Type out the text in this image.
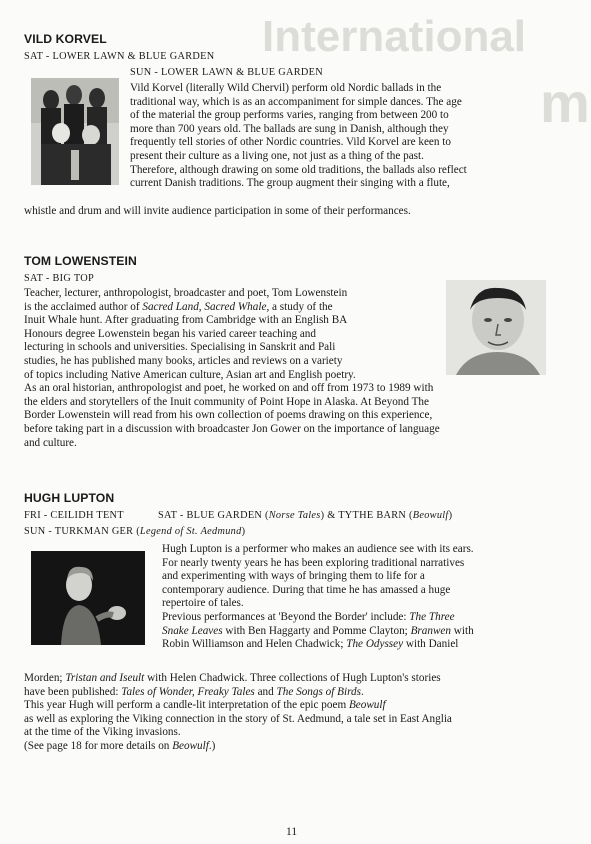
International
m
VILD KORVEL
SAT - LOWER LAWN & BLUE GARDEN
SUN - LOWER LAWN & BLUE GARDEN

Vild Korvel (literally Wild Chervil) perform old Nordic ballads in the

traditional way, which is as an accompaniment for simple dances. The age

of the material the group performs varies, ranging from between 200 to

more than 700 years old. The ballads are sung in Danish, although they

frequently tell stories of other Nordic countries. Vild Korvel are keen to

present their culture as a living one, not just as a thing of the past.

Therefore, although drawing on some old traditions, the ballads also reflect

current Danish traditions. The group augment their singing with a flute,

whistle and drum and will invite audience participation in some of their performances.
TOM LOWENSTEIN
SAT - BIG TOP

Teacher, lecturer, anthropologist, broadcaster and poet, Tom Lowenstein

is the acclaimed author of Sacred Land, Sacred Whale, a study of the

Inuit Whale hunt. After graduating from Cambridge with an English BA

Honours degree Lowenstein began his varied career teaching and

lecturing in schools and universities. Specialising in Sanskrit and Pali

studies, he has published many books, articles and reviews on a variety

of topics including Native American culture, Asian art and English poetry.

As an oral historian, anthropologist and poet, he worked on and off from 1973 to 1989 with

the elders and storytellers of the Inuit community of Point Hope in Alaska. At Beyond The

Border Lowenstein will read from his own collection of poems drawing on this experience,

before taking part in a discussion with broadcaster Jon Gower on the importance of language

and culture.

HUGH LUPTON
FRI - CEILIDH TENT	SAT - BLUE GARDEN (Norse Tales) & TYTHE BARN (Beowulf)
SUN - TURKMAN GER (Legend of St. Aedmund)

Hugh Lupton is a performer who makes an audience see with its ears.

For nearly twenty years he has been exploring traditional narratives

and experimenting with ways of bringing them to life for a

contemporary audience. During that time he has amassed a huge

repertoire of tales.

Previous performances at 'Beyond the Border' include: The Three

Snake Leaves with Ben Haggarty and Pomme Clayton; Branwen with

Robin Williamson and Helen Chadwick; The Odyssey with Daniel

Morden; Tristan and Iseult with Helen Chadwick. Three collections of Hugh Lupton's stories

have been published: Tales of Wonder, Freaky Tales and The Songs of Birds.

This year Hugh will perform a candle-lit interpretation of the epic poem Beowulf

as well as exploring the Viking connection in the story of St. Aedmund, a tale set in East Anglia

at the time of the Viking invasions.

(See page 18 for more details on Beowulf.)

11
